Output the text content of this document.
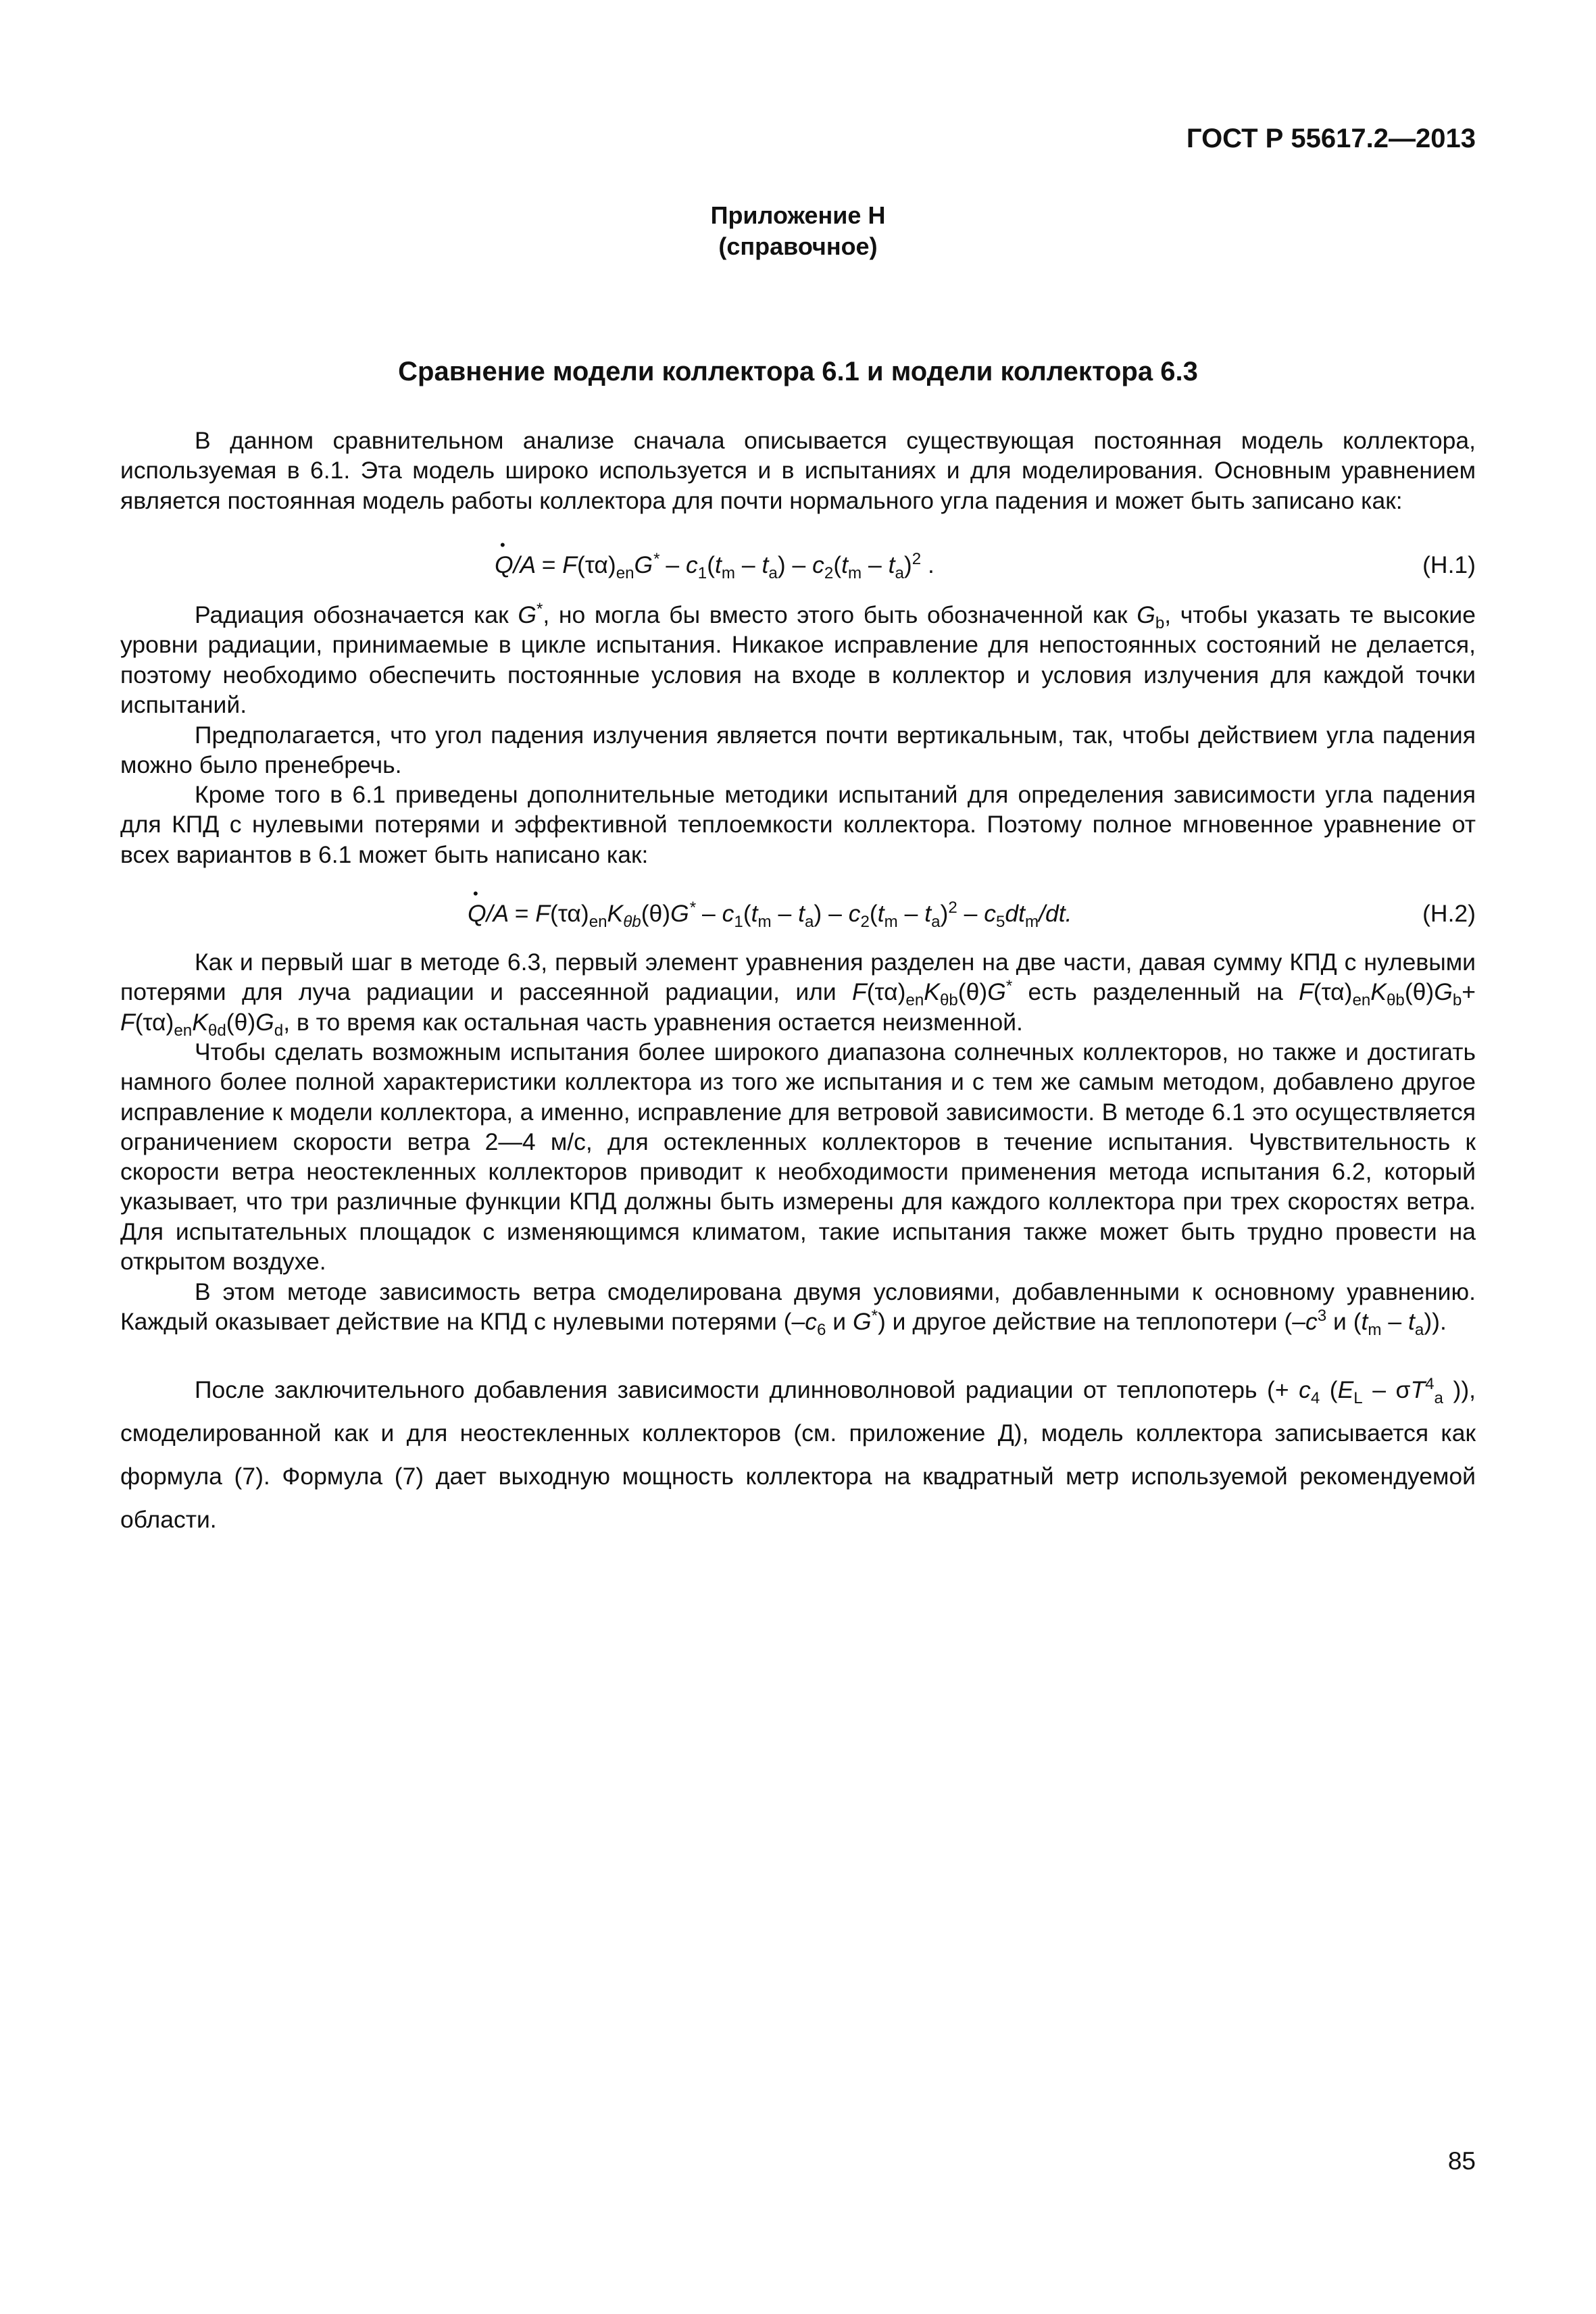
ГОСТ Р 55617.2—2013
Приложение Н
(справочное)
Сравнение модели коллектора 6.1 и модели коллектора 6.3

В данном сравнительном анализе сначала описывается существующая постоянная модель коллектора, используемая в 6.1. Эта модель широко используется и в испытаниях и для моделирования. Основным уравнением является постоянная модель работы коллектора для почти нормального угла падения и может быть записано как:

•
$Q/A = F(\tau\alpha)_{en}G^* - c_1(t_m - t_a) - c_2(t_m - t_a)^2$ .	(H.1)

Радиация обозначается как G*, но могла бы вместо этого быть обозначенной как $G_b$, чтобы указать те высокие уровни радиации, принимаемые в цикле испытания. Никакое исправление для непостоянных состояний не делается, поэтому необходимо обеспечить постоянные условия на входе в коллектор и условия излучения для каждой точки испытаний.

Предполагается, что угол падения излучения является почти вертикальным, так, чтобы действием угла падения можно было пренебречь.

Кроме того в 6.1 приведены дополнительные методики испытаний для определения зависимости угла падения для КПД с нулевыми потерями и эффективной теплоемкости коллектора. Поэтому полное мгновенное уравнение от всех вариантов в 6.1 может быть написано как:

•
$Q/A = F(\tau\alpha)_{en}K_{\theta b}(\theta)G^* - c_1(t_m - t_a) - c_2(t_m - t_a)^2 - c_5dt_m/dt$.	(H.2)

Как и первый шаг в методе 6.3, первый элемент уравнения разделен на две части, давая сумму КПД с нулевыми потерями для луча радиации и рассеянной радиации, или $F(\tau\alpha)_{en}K_{\theta b}(\theta)G^*$ есть разделенный на $F(\tau\alpha)_{en}K_{\theta b}(\theta)G_b+ F(\tau\alpha)_{en}K_{\theta d}(\theta)G_d$, в то время как остальная часть уравнения остается неизменной.

Чтобы сделать возможным испытания более широкого диапазона солнечных коллекторов, но также и достигать намного более полной характеристики коллектора из того же испытания и с тем же самым методом, добавлено другое исправление к модели коллектора, а именно, исправление для ветровой зависимости. В методе 6.1 это осуществляется ограничением скорости ветра 2—4 м/с, для остекленных коллекторов в течение испытания. Чувствительность к скорости ветра неостекленных коллекторов приводит к необходимости применения метода испытания 6.2, который указывает, что три различные функции КПД должны быть измерены для каждого коллектора при трех скоростях ветра. Для испытательных площадок с изменяющимся климатом, такие испытания также может быть трудно провести на открытом воздухе.

В этом методе зависимость ветра смоделирована двумя условиями, добавленными к основному уравнению. Каждый оказывает действие на КПД с нулевыми потерями ($-c_6$ и G*) и другое действие на теплопотери ($-c^3$ и $(t_m - t_a)$).

После заключительного добавления зависимости длинноволновой радиации от теплопотерь (+ $c_4$ ($E_L - \sigma T^4_a$ )), смоделированной как и для неостекленных коллекторов (см. приложение Д), модель коллектора записывается как формула (7). Формула (7) дает выходную мощность коллектора на квадратный метр используемой рекомендуемой области.

85
